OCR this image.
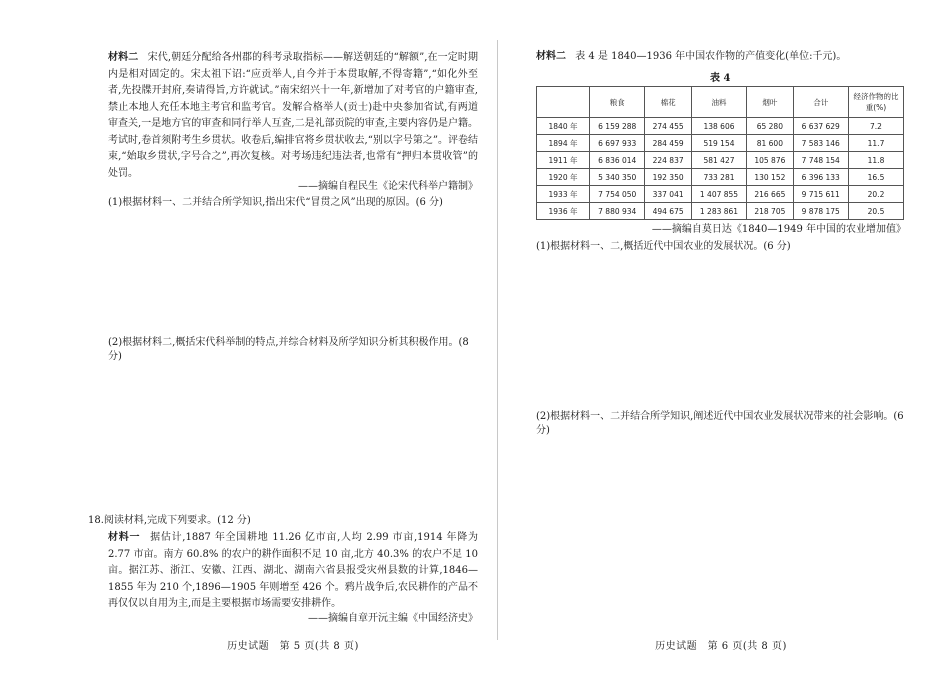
材料二 宋代,朝廷分配给各州郡的科考录取指标——解送朝廷的“解额”,在一定时期内是相对固定的。宋太祖下诏:“应贡举人,自今并于本贯取解,不得寄籍”,“如化外至者,先投牒开封府,奏请得旨,方许就试。”南宋绍兴十一年,新增加了对考官的户籍审查,禁止本地人充任本地主考官和监考官。发解合格举人(贡士)赴中央参加省试,有两道审查关,一是地方官的审查和同行举人互查,二是礼部贡院的审查,主要内容仍是户籍。考试时,卷首须附考生乡贯状。收卷后,编排官将乡贯状收去,“别以字号第之”。评卷结束,“始取乡贯状,字号合之”,再次复核。对考场违纪违法者,也常有“押归本贯收管”的处罚。

——摘编自程民生《论宋代科举户籍制》
(1)根据材料一、二并结合所学知识,指出宋代“冒贯之风”出现的原因。(6 分)
(2)根据材料二,概括宋代科举制的特点,并综合材料及所学知识分析其积极作用。(8 分)
18.阅读材料,完成下列要求。(12 分)

材料一 据估计,1887 年全国耕地 11.26 亿市亩,人均 2.99 市亩,1914 年降为 2.77 市亩。南方 60.8% 的农户的耕作面积不足 10 亩,北方 40.3% 的农户不足 10 亩。据江苏、浙江、安徽、江西、湖北、湖南六省县报受灾州县数的计算,1846—1855 年为 210 个,1896—1905 年则增至 426 个。鸦片战争后,农民耕作的产品不再仅仅以自用为主,而是主要根据市场需要安排耕作。

——摘编自章开沅主编《中国经济史》
历史试题　第 5 页(共 8 页)
材料二 表 4 是 1840—1936 年中国农作物的产值变化(单位:千元)。
表 4
	粮食	棉花	油料	烟叶	合计	经济作物的比重(%)
1840 年	6 159 288	274 455	138 606	65 280	6 637 629	7.2
1894 年	6 697 933	284 459	519 154	81 600	7 583 146	11.7
1911 年	6 836 014	224 837	581 427	105 876	7 748 154	11.8
1920 年	5 340 350	192 350	733 281	130 152	6 396 133	16.5
1933 年	7 754 050	337 041	1 407 855	216 665	9 715 611	20.2
1936 年	7 880 934	494 675	1 283 861	218 705	9 878 175	20.5
——摘编自莫日达《1840—1949 年中国的农业增加值》
(1)根据材料一、二,概括近代中国农业的发展状况。(6 分)
(2)根据材料一、二并结合所学知识,阐述近代中国农业发展状况带来的社会影响。(6 分)
历史试题　第 6 页(共 8 页)
